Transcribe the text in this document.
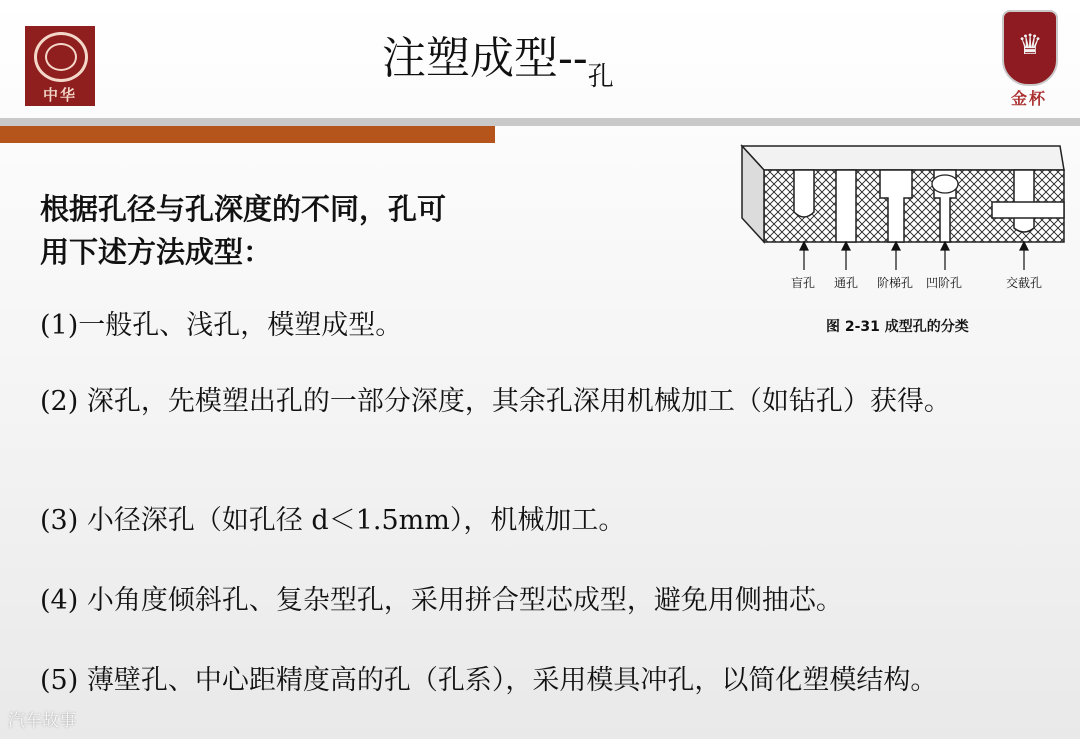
中华
注塑成型$--_孔$
♛
金杯
根据孔径与孔深度的不同，孔可
用下述方法成型：
盲孔 通孔 阶梯孔 凹阶孔	交截孔
图 2-31 成型孔的分类
(1)一般孔、浅孔，模塑成型。
(2) 深孔，先模塑出孔的一部分深度，其余孔深用机械加工（如钻孔）获得。
(3) 小径深孔（如孔径 d＜1.5mm），机械加工。
(4) 小角度倾斜孔、复杂型孔，采用拼合型芯成型，避免用侧抽芯。
(5) 薄壁孔、中心距精度高的孔（孔系），采用模具冲孔，以简化塑模结构。
汽车故事
